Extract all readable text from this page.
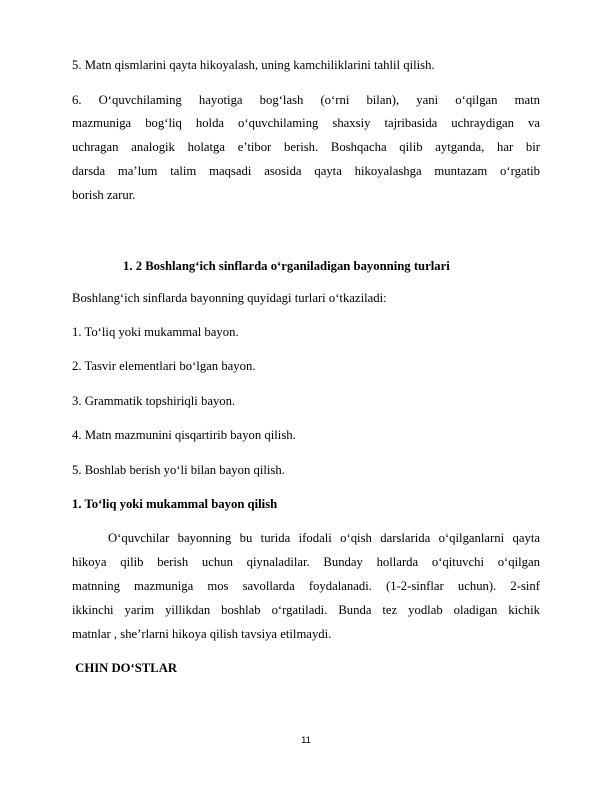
5. Matn qismlarini qayta hikoyalash, uning kamchiliklarini tahlil qilish.
6. O‘quvchilaming hayotiga bog‘lash (o‘rni bilan), yani o‘qilgan matn
mazmuniga bog‘liq holda o‘quvchilaming shaxsiy tajribasida uchraydigan va
uchragan analogik holatga e’tibor berish. Boshqacha qilib aytganda, har bir
darsda ma’lum talim maqsadi asosida qayta hikoyalashga muntazam o‘rgatib
borish zarur.
1. 2 Boshlang‘ich sinflarda o‘rganiladigan bayonning turlari
Boshlang‘ich sinflarda bayonning quyidagi turlari o‘tkaziladi:
1. To‘liq yoki mukammal bayon.
2. Tasvir elementlari bo‘lgan bayon.
3. Grammatik topshiriqli bayon.
4. Matn mazmunini qisqartirib bayon qilish.
5. Boshlab berish yo‘li bilan bayon qilish.
1. To‘liq yoki mukammal bayon qilish
O‘quvchilar bayonning bu turida ifodali o‘qish darslarida o‘qilganlarni qayta
hikoya qilib berish uchun qiynaladilar. Bunday hollarda o‘qituvchi o‘qilgan
matnning mazmuniga mos savollarda foydalanadi. (1-2-sinflar uchun). 2-sinf
ikkinchi yarim yillikdan boshlab o‘rgatiladi. Bunda tez yodlab oladigan kichik
matnlar , she’rlarni hikoya qilish tavsiya etilmaydi.
CHIN DO‘STLAR
11
